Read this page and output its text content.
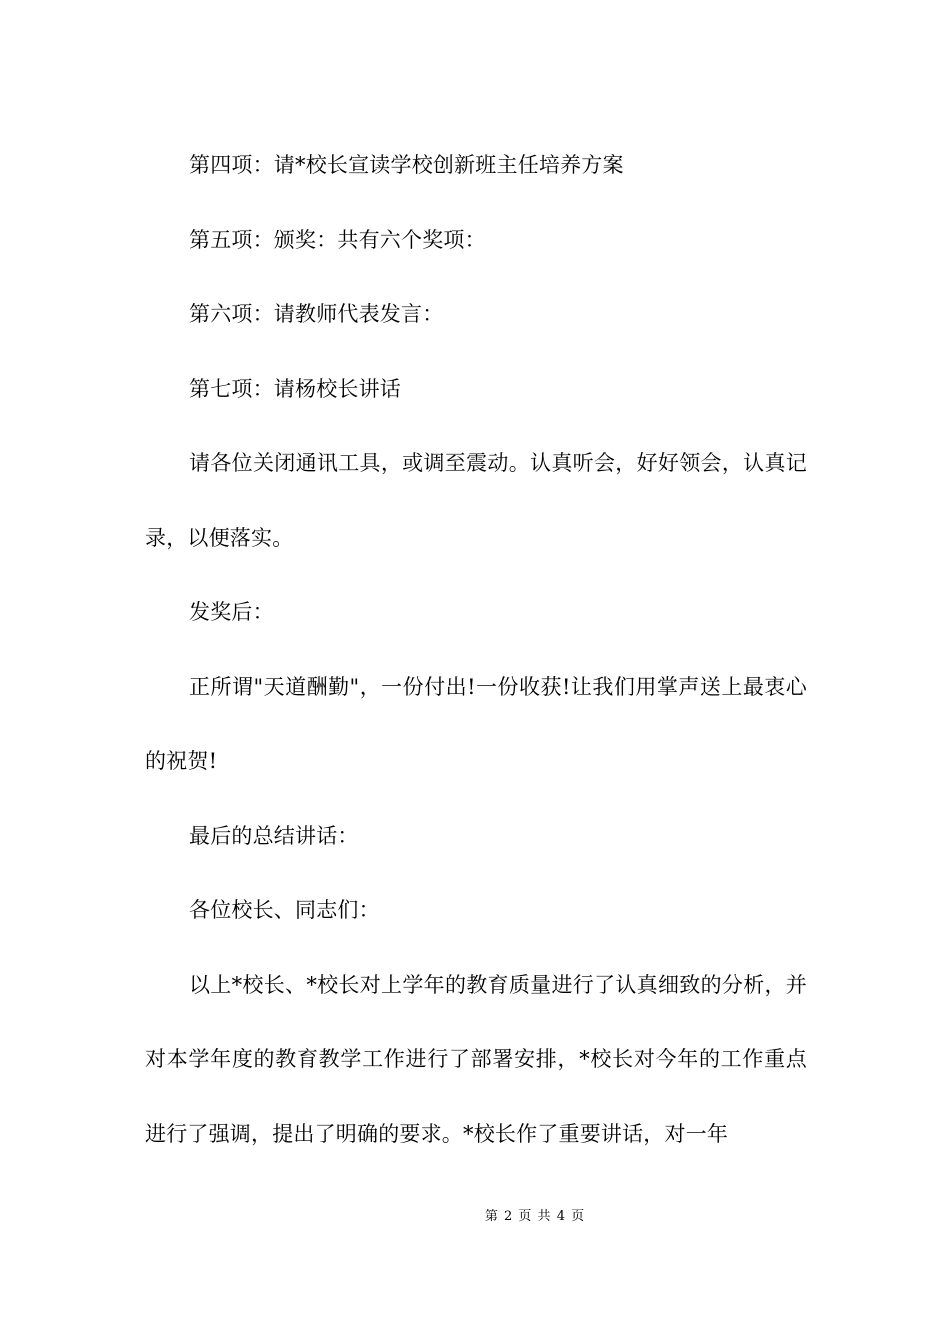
第四项：请*校长宣读学校创新班主任培养方案

第五项：颁奖：共有六个奖项：

第六项：请教师代表发言：

第七项：请杨校长讲话

请各位关闭通讯工具，或调至震动。认真听会，好好领会，认真记录，以便落实。

发奖后：

正所谓"天道酬勤"，一份付出!一份收获!让我们用掌声送上最衷心的祝贺!

最后的总结讲话：

各位校长、同志们：

以上*校长、*校长对上学年的教育质量进行了认真细致的分析，并对本学年度的教育教学工作进行了部署安排，*校长对今年的工作重点进行了强调，提出了明确的要求。*校长作了重要讲话，对一年

第 2 页 共 4 页
